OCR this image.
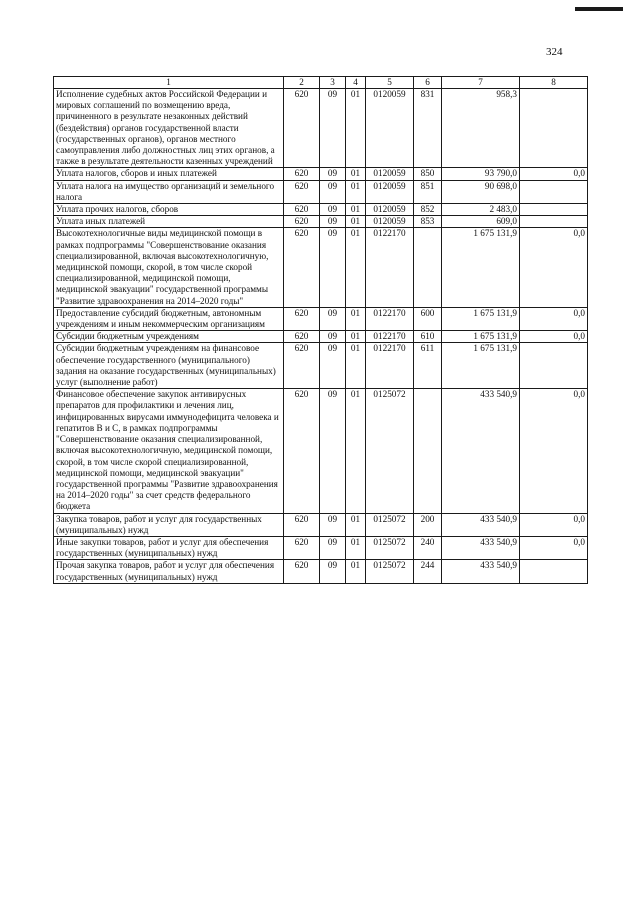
324
1	2	3	4	5	6	7	8
Исполнение судебных актов Российской Федерации и мировых соглашений по возмещению вреда, причиненного в результате незаконных действий (бездействия) органов государственной власти (государственных органов), органов местного самоуправления либо должностных лиц этих органов, а также в результате деятельности казенных учреждений	620	09	01	0120059	831	958,3	
Уплата налогов, сборов и иных платежей	620	09	01	0120059	850	93 790,0	0,0
Уплата налога на имущество организаций и земельного налога	620	09	01	0120059	851	90 698,0	
Уплата прочих налогов, сборов	620	09	01	0120059	852	2 483,0	
Уплата иных платежей	620	09	01	0120059	853	609,0	
Высокотехнологичные виды медицинской помощи в рамках подпрограммы "Совершенствование оказания специализированной, включая высокотехнологичную, медицинской помощи, скорой, в том числе скорой специализированной, медицинской помощи, медицинской эвакуации" государственной программы "Развитие здравоохранения на 2014–2020 годы"	620	09	01	0122170		1 675 131,9	0,0
Предоставление субсидий бюджетным, автономным учреждениям и иным некоммерческим организациям	620	09	01	0122170	600	1 675 131,9	0,0
Субсидии бюджетным учреждениям	620	09	01	0122170	610	1 675 131,9	0,0
Субсидии бюджетным учреждениям на финансовое обеспечение государственного (муниципального) задания на оказание государственных (муниципальных) услуг (выполнение работ)	620	09	01	0122170	611	1 675 131,9	
Финансовое обеспечение закупок антивирусных препаратов для профилактики и лечения лиц, инфицированных вирусами иммунодефицита человека и гепатитов B и C, в рамках подпрограммы "Совершенствование оказания специализированной, включая высокотехнологичную, медицинской помощи, скорой, в том числе скорой специализированной, медицинской помощи, медицинской эвакуации" государственной программы "Развитие здравоохранения на 2014–2020 годы" за счет средств федерального бюджета	620	09	01	0125072		433 540,9	0,0
Закупка товаров, работ и услуг для государственных (муниципальных) нужд	620	09	01	0125072	200	433 540,9	0,0
Иные закупки товаров, работ и услуг для обеспечения государственных (муниципальных) нужд	620	09	01	0125072	240	433 540,9	0,0
Прочая закупка товаров, работ и услуг для обеспечения государственных (муниципальных) нужд	620	09	01	0125072	244	433 540,9	
